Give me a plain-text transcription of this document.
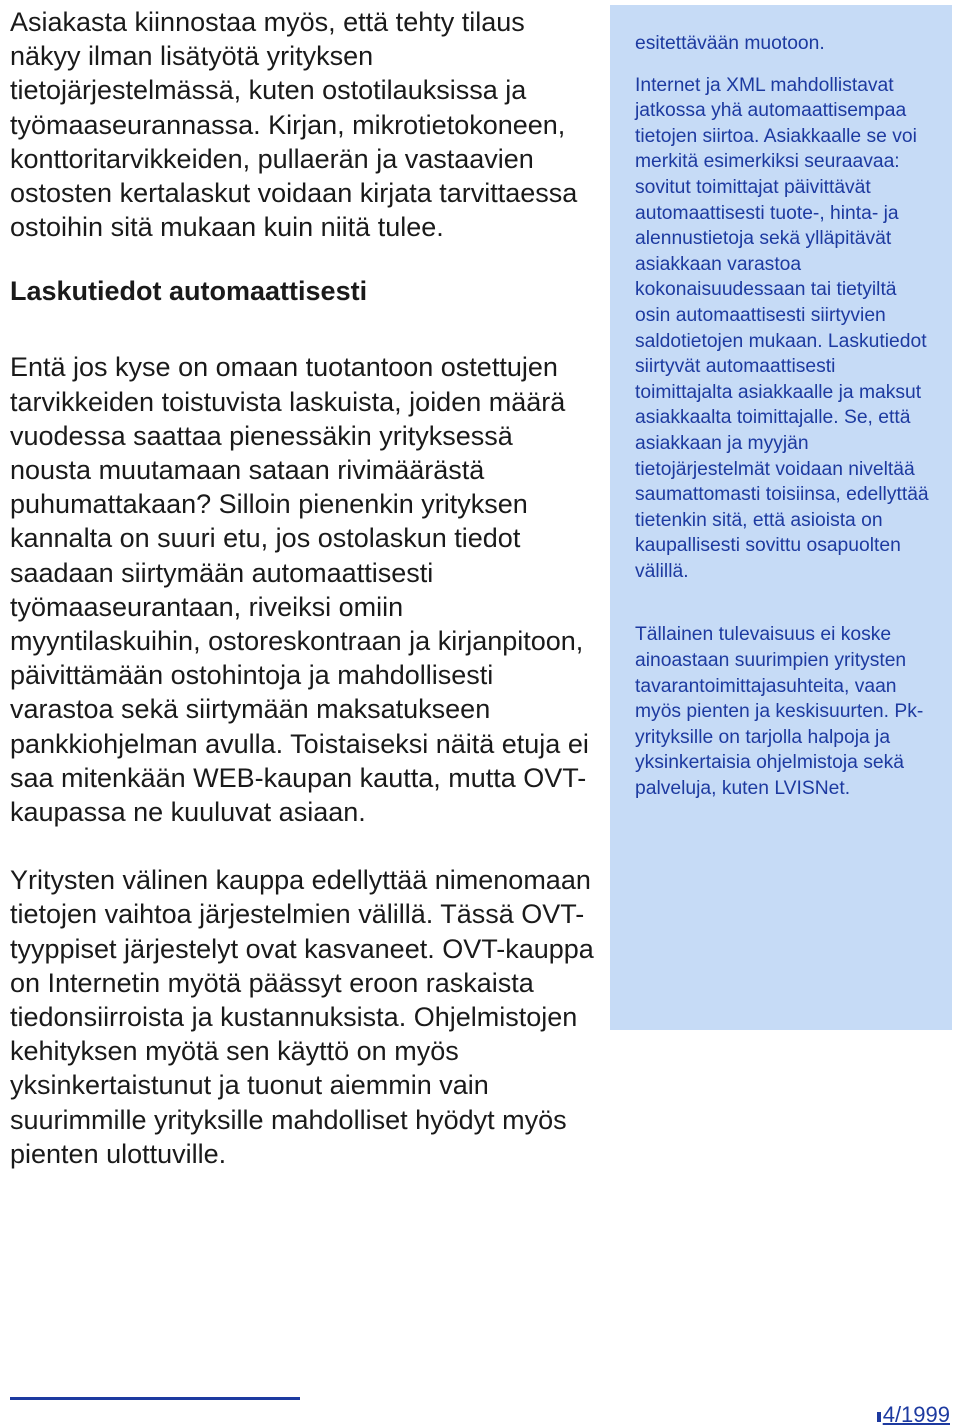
Asiakasta kiinnostaa myös, että tehty tilaus näkyy ilman lisätyötä yrityksen tietojärjestelmässä, kuten ostotilauksissa ja työmaaseurannassa. Kirjan, mikrotietokoneen, konttoritarvikkeiden, pullaerän ja vastaavien ostosten kertalaskut voidaan kirjata tarvittaessa ostoihin sitä mukaan kuin niitä tulee.

Laskutiedot automaattisesti

Entä jos kyse on omaan tuotantoon ostettujen tarvikkeiden toistuvista laskuista, joiden määrä vuodessa saattaa pienessäkin yrityksessä nousta muutamaan sataan rivimäärästä puhumattakaan? Silloin pienenkin yrityksen kannalta on suuri etu, jos ostolaskun tiedot saadaan siirtymään automaattisesti työmaaseurantaan, riveiksi omiin myyntilaskuihin, ostoreskontraan ja kirjanpitoon, päivittämään ostohintoja ja mahdollisesti varastoa sekä siirtymään maksatukseen pankkiohjelman avulla. Toistaiseksi näitä etuja ei saa mitenkään WEB-kaupan kautta, mutta OVT-kaupassa ne kuuluvat asiaan.

Yritysten välinen kauppa edellyttää nimenomaan tietojen vaihtoa järjestelmien välillä. Tässä OVT-tyyppiset järjestelyt ovat kasvaneet. OVT-kauppa on Internetin myötä päässyt eroon raskaista tiedonsiirroista ja kustannuksista. Ohjelmistojen kehityksen myötä sen käyttö on myös yksinkertaistunut ja tuonut aiemmin vain suurimmille yrityksille mahdolliset hyödyt myös pienten ulottuville.

esitettävään muotoon.

Internet ja XML mahdollistavat jatkossa yhä automaattisempaa tietojen siirtoa. Asiakkaalle se voi merkitä esimerkiksi seuraavaa: sovitut toimittajat päivittävät automaattisesti tuote-, hinta- ja alennustietoja sekä ylläpitävät asiakkaan varastoa kokonaisuudessaan tai tietyiltä osin automaattisesti siirtyvien saldotietojen mukaan. Laskutiedot siirtyvät automaattisesti toimittajalta asiakkaalle ja maksut asiakkaalta toimittajalle. Se, että asiakkaan ja myyjän tietojärjestelmät voidaan niveltää saumattomasti toisiinsa, edellyttää tietenkin sitä, että asioista on kaupallisesti sovittu osapuolten välillä.

Tällainen tulevaisuus ei koske ainoastaan suurimpien yritysten tavarantoimittajasuhteita, vaan myös pienten ja keskisuurten. Pk-yrityksille on tarjolla halpoja ja yksinkertaisia ohjelmistoja sekä palveluja, kuten LVISNet.

4/1999
